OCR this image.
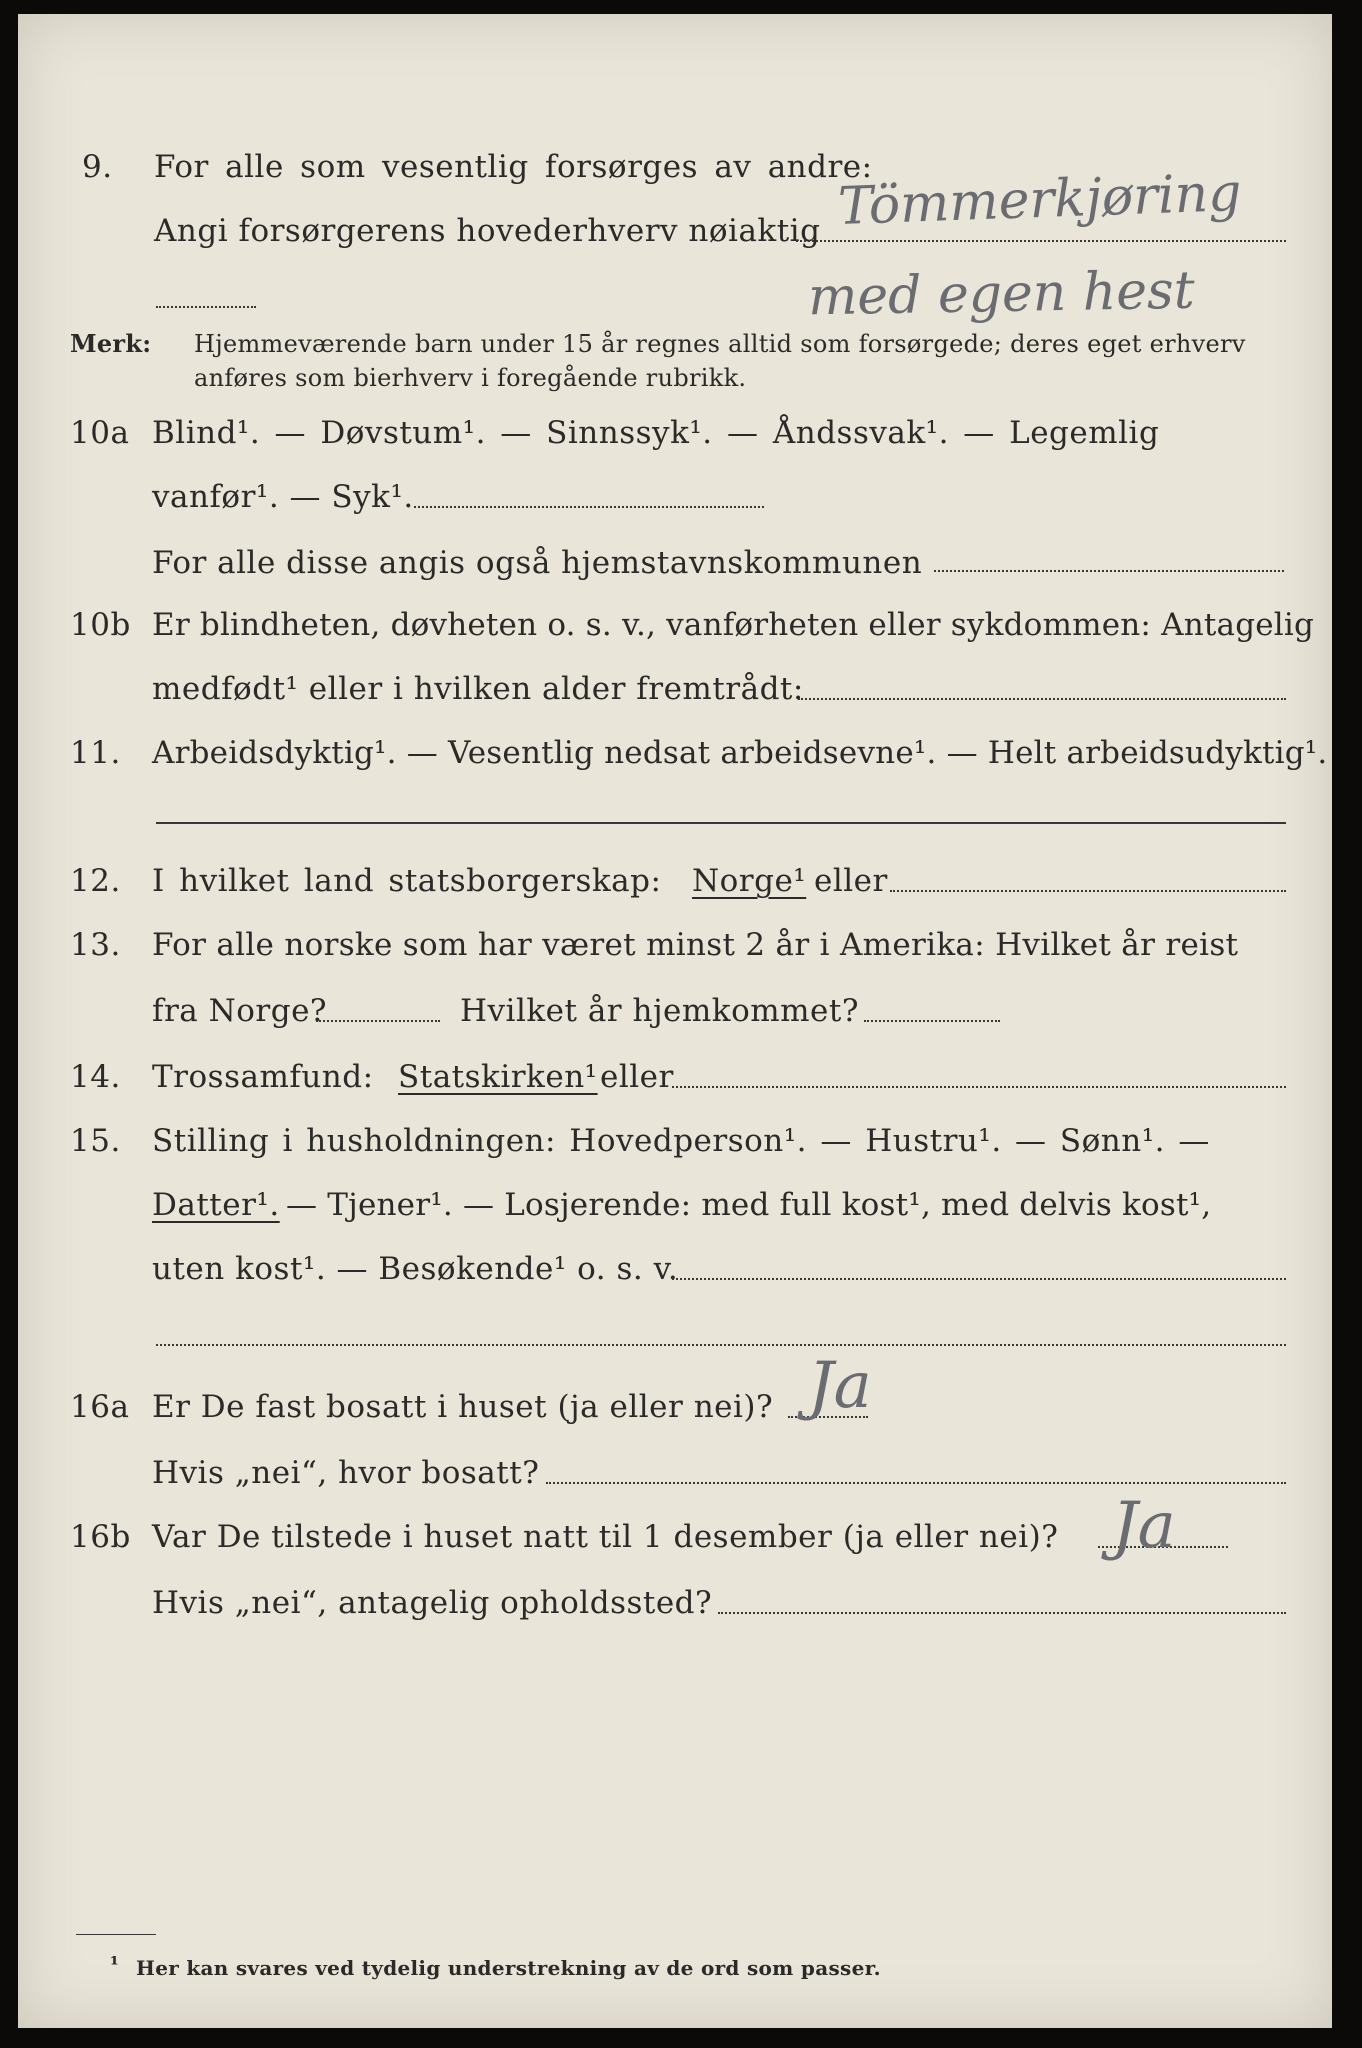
9. For alle som vesentlig forsørges av andre:
Angi forsørgerens hovederhverv nøiaktig Tömmerkjøring
med egen hest
Merk: Hjemmeværende barn under 15 år regnes alltid som forsørgede; deres eget erhverv
anføres som bierhverv i foregående rubrikk.
10a Blind¹. — Døvstum¹. — Sinnssyk¹. — Åndssvak¹. — Legemlig
vanfør¹. — Syk¹.
For alle disse angis også hjemstavnskommunen
10b Er blindheten, døvheten o. s. v., vanførheten eller sykdommen: Antagelig
medfødt¹ eller i hvilken alder fremtrådt:
11. Arbeidsdyktig¹. — Vesentlig nedsat arbeidsevne¹. — Helt arbeidsudyktig¹.
12. I hvilket land statsborgerskap: Norge¹ eller
13. For alle norske som har været minst 2 år i Amerika: Hvilket år reist
fra Norge?	Hvilket år hjemkommet?
14. Trossamfund: Statskirken¹ eller
15. Stilling i husholdningen: Hovedperson¹. — Hustru¹. — Sønn¹. —
Datter¹. — Tjener¹. — Losjerende: med full kost¹, med delvis kost¹,
uten kost¹. — Besøkende¹ o. s. v.
16a Er De fast bosatt i huset (ja eller nei)? Ja
Hvis „nei“, hvor bosatt?
16b Var De tilstede i huset natt til 1 desember (ja eller nei)? Ja
Hvis „nei“, antagelig opholdssted?
¹ Her kan svares ved tydelig understrekning av de ord som passer.
